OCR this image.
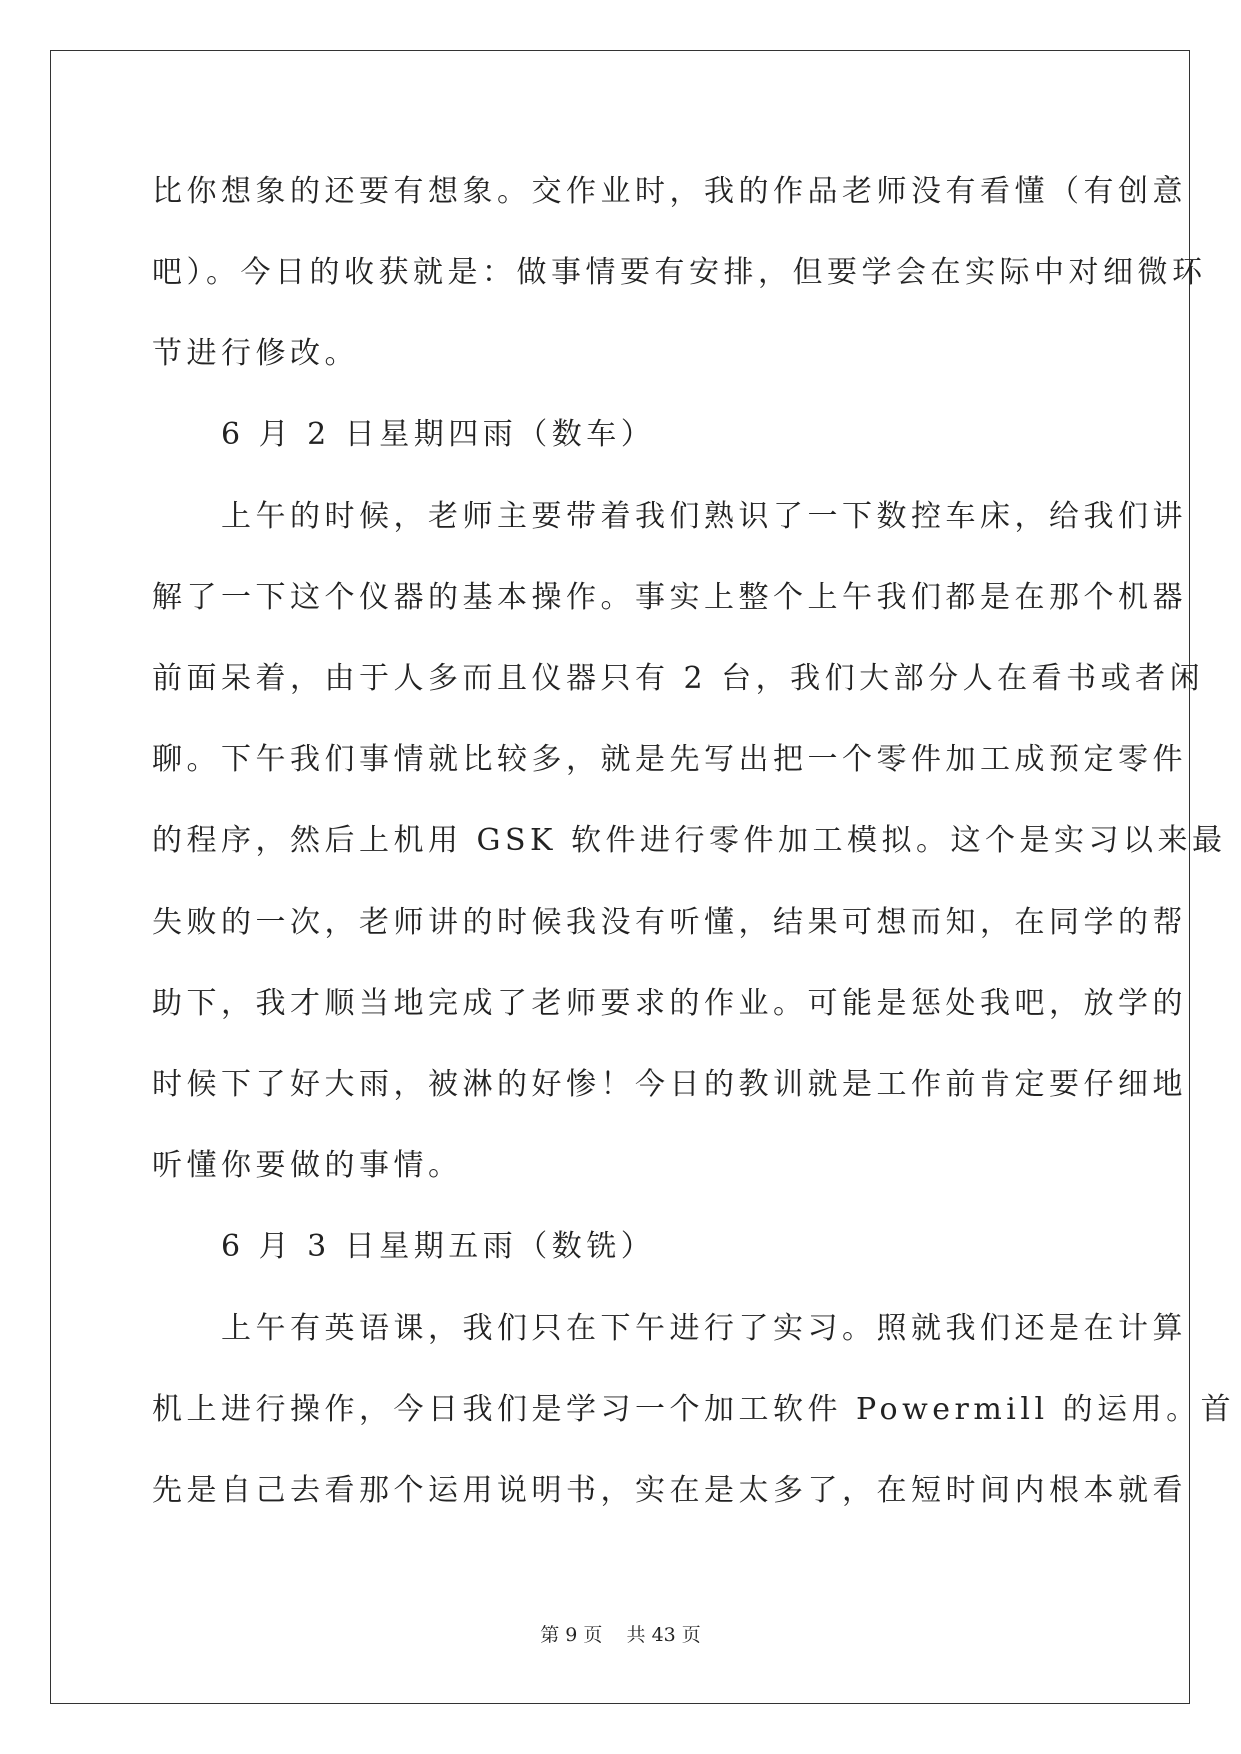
比你想象的还要有想象。交作业时，我的作品老师没有看懂（有创意
吧）。今日的收获就是：做事情要有安排，但要学会在实际中对细微环
节进行修改。
　　6 月 2 日星期四雨（数车）
　　上午的时候，老师主要带着我们熟识了一下数控车床，给我们讲
解了一下这个仪器的基本操作。事实上整个上午我们都是在那个机器
前面呆着，由于人多而且仪器只有 2 台，我们大部分人在看书或者闲
聊。下午我们事情就比较多，就是先写出把一个零件加工成预定零件
的程序，然后上机用 GSK 软件进行零件加工模拟。这个是实习以来最
失败的一次，老师讲的时候我没有听懂，结果可想而知，在同学的帮
助下，我才顺当地完成了老师要求的作业。可能是惩处我吧，放学的
时候下了好大雨，被淋的好惨！今日的教训就是工作前肯定要仔细地
听懂你要做的事情。
　　6 月 3 日星期五雨（数铣）
　　上午有英语课，我们只在下午进行了实习。照就我们还是在计算
机上进行操作，今日我们是学习一个加工软件 Powermill 的运用。首
先是自己去看那个运用说明书，实在是太多了，在短时间内根本就看
第 9 页 共 43 页
